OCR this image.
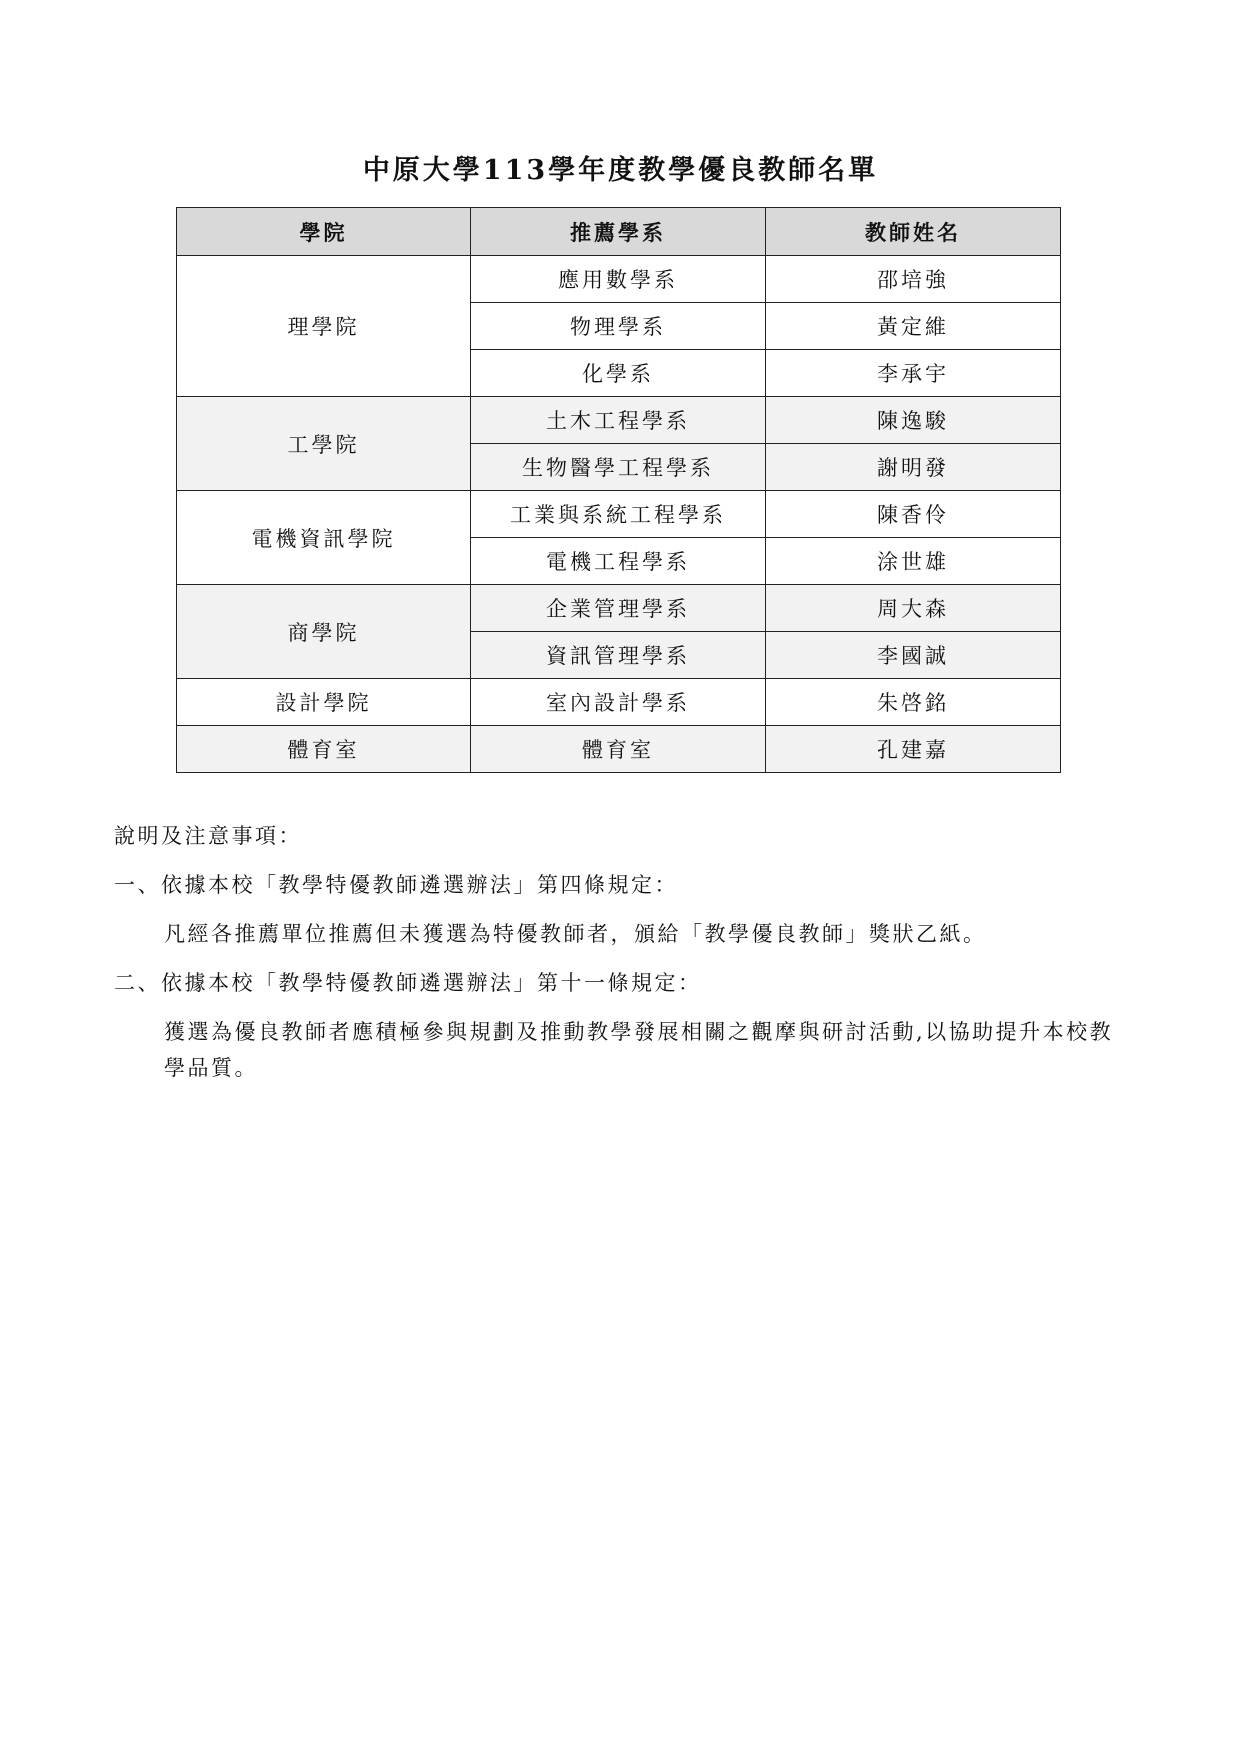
中原大學113學年度教學優良教師名單
學院	推薦學系	教師姓名
理學院	應用數學系	邵培強
	物理學系	黃定維
	化學系	李承宇
工學院	土木工程學系	陳逸駿
	生物醫學工程學系	謝明發
電機資訊學院	工業與系統工程學系	陳香伶
	電機工程學系	涂世雄
商學院	企業管理學系	周大森
	資訊管理學系	李國誠
設計學院	室內設計學系	朱啓銘
體育室	體育室	孔建嘉

說明及注意事項：

一、依據本校「教學特優教師遴選辦法」第四條規定：

凡經各推薦單位推薦但未獲選為特優教師者，頒給「教學優良教師」獎狀乙紙。

二、依據本校「教學特優教師遴選辦法」第十一條規定：

獲選為優良教師者應積極參與規劃及推動教學發展相關之觀摩與研討活動,以協助提升本校教學品質。
